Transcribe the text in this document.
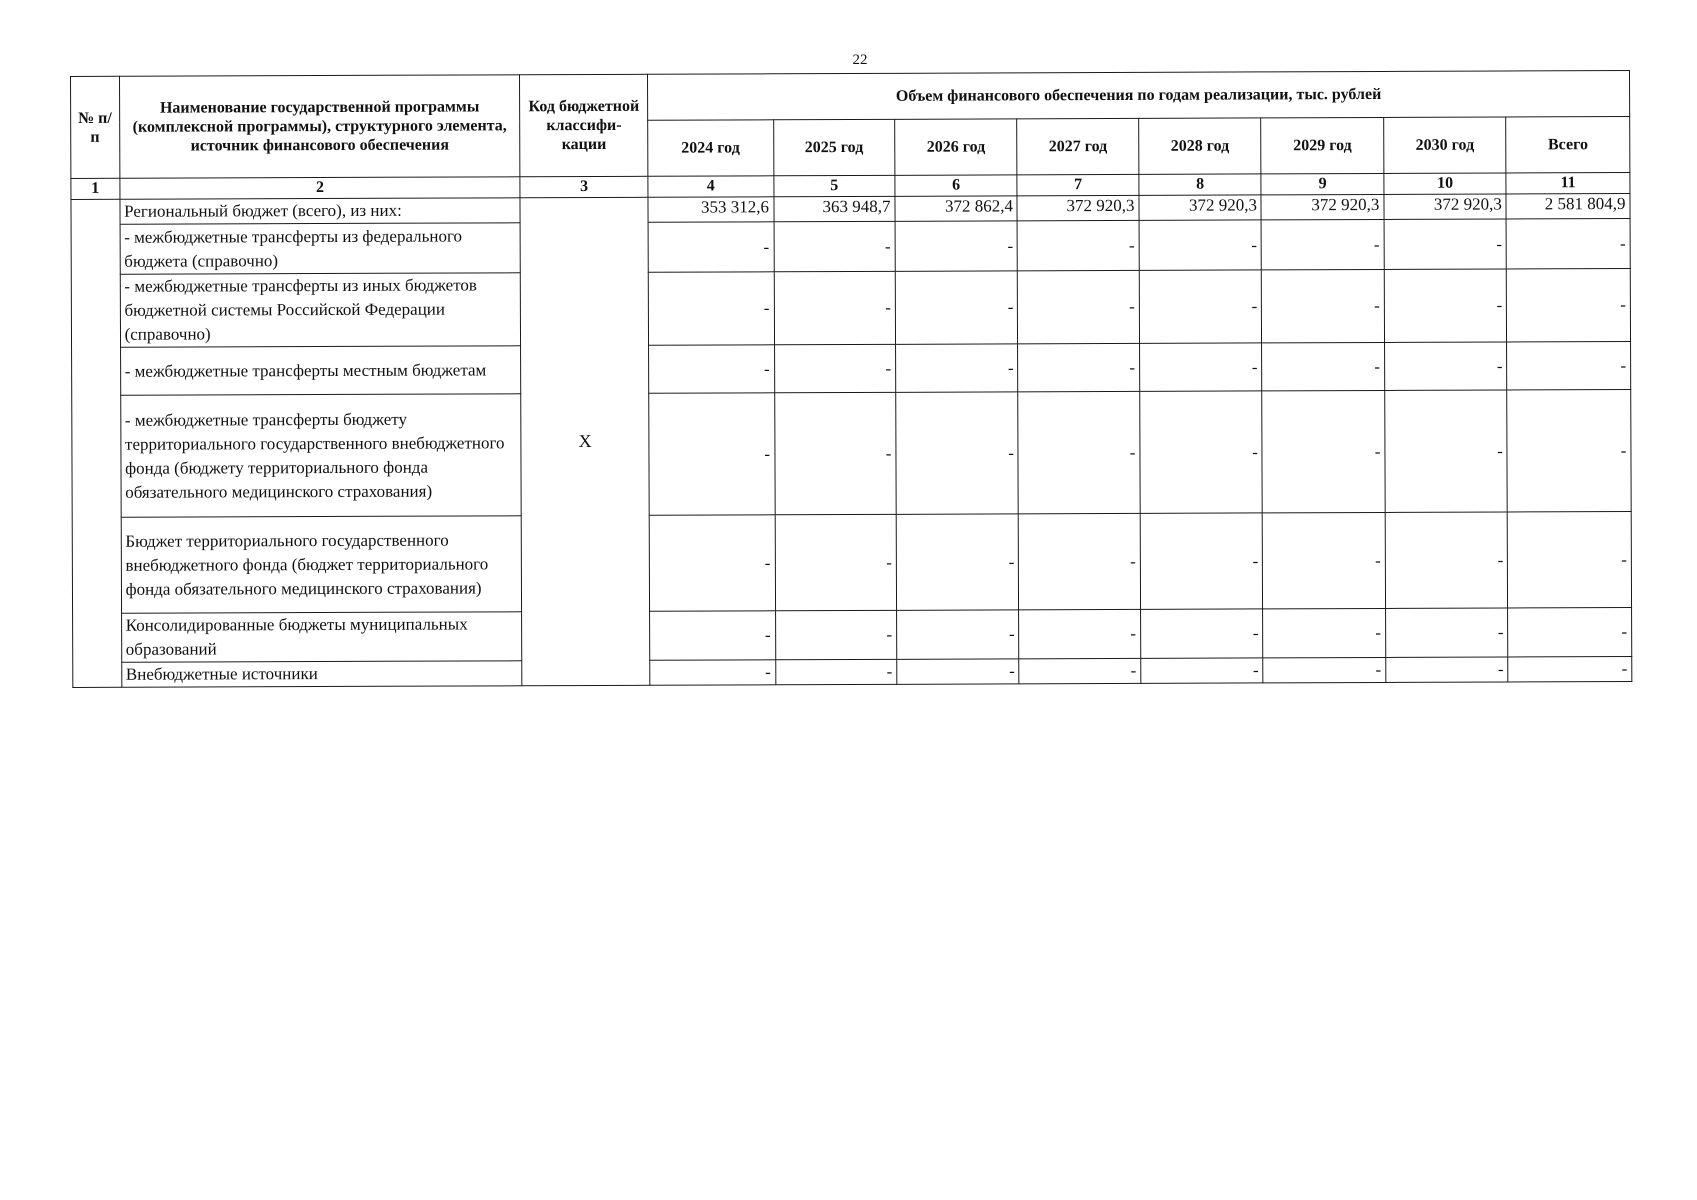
22
№ п/п	Наименование государственной программы (комплексной программы), структурного элемента, источник финансового обеспечения	Код бюджетной классифи-кации	Объем финансового обеспечения по годам реализации, тыс. рублей							
			2024 год	2025 год	2026 год	2027 год	2028 год	2029 год	2030 год	Всего
1	2	3	4	5	6	7	8	9	10	11
	Региональный бюджет (всего), из них:	Х	353 312,6	363 948,7	372 862,4	372 920,3	372 920,3	372 920,3	372 920,3	2 581 804,9
	- межбюджетные трансферты из федерального бюджета (справочно)		-	-	-	-	-	-	-	-
	- межбюджетные трансферты из иных бюджетов бюджетной системы Российской Федерации (справочно)		-	-	-	-	-	-	-	-
	- межбюджетные трансферты местным бюджетам		-	-	-	-	-	-	-	-
	- межбюджетные трансферты бюджету территориального государственного внебюджетного фонда (бюджету территориального фонда обязательного медицинского страхования)		-	-	-	-	-	-	-	-
	Бюджет территориального государственного внебюджетного фонда (бюджет территориального фонда обязательного медицинского страхования)		-	-	-	-	-	-	-	-
	Консолидированные бюджеты муниципальных образований		-	-	-	-	-	-	-	-
	Внебюджетные источники		-	-	-	-	-	-	-	-
